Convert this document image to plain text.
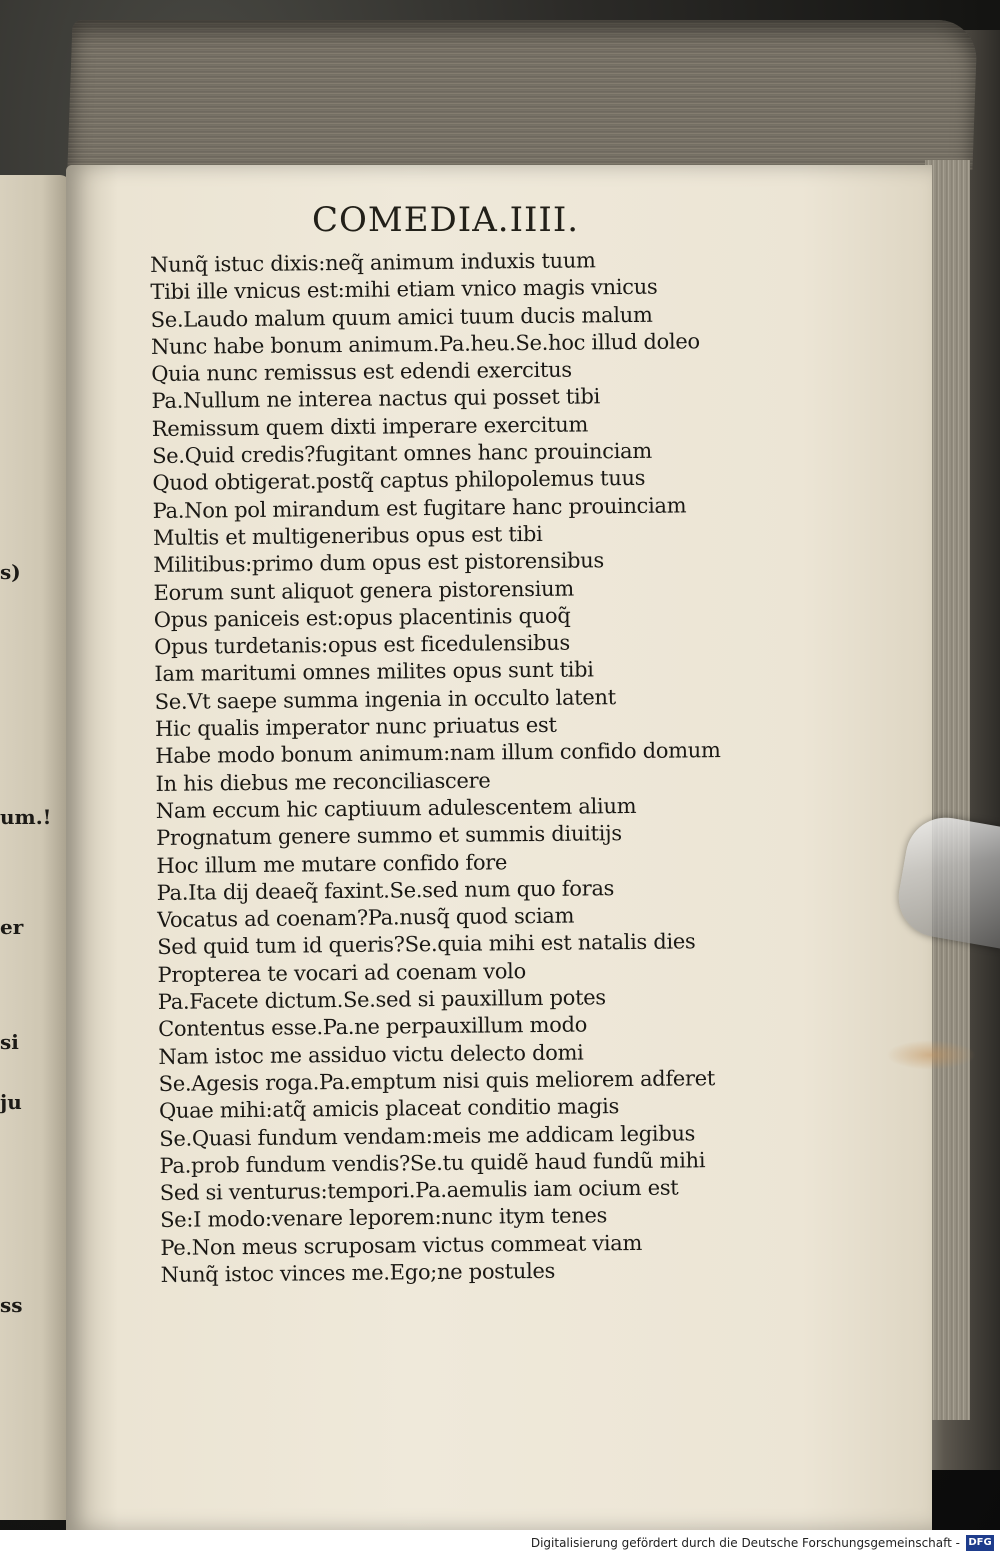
s)
um.!
er
si
ju
ss
COMEDIA.IIII.
Nunq̃ istuc dixis:neq̃ animum induxis tuum
Tibi ille vnicus est:mihi etiam vnico magis vnicus
Se.Laudo malum quum amici tuum ducis malum
Nunc habe bonum animum.Pa.heu.Se.hoc illud doleo
Quia nunc remissus est edendi exercitus
Pa.Nullum ne interea nactus qui posset tibi
Remissum quem dixti imperare exercitum
Se.Quid credis?fugitant omnes hanc prouinciam
Quod obtigerat.postq̃ captus philopolemus tuus
Pa.Non pol mirandum est fugitare hanc prouinciam
Multis et multigeneribus opus est tibi
Militibus:primo dum opus est pistorensibus
Eorum sunt aliquot genera pistorensium
Opus paniceis est:opus placentinis quoq̃
Opus turdetanis:opus est ficedulensibus
Iam maritumi omnes milites opus sunt tibi
Se.Vt saepe summa ingenia in occulto latent
Hic qualis imperator nunc priuatus est
Habe modo bonum animum:nam illum confido domum
In his diebus me reconciliascere
Nam eccum hic captiuum adulescentem alium
Prognatum genere summo et summis diuitijs
Hoc illum me mutare confido fore
Pa.Ita dij deaeq̃ faxint.Se.sed num quo foras
Vocatus ad coenam?Pa.nusq̃ quod sciam
Sed quid tum id queris?Se.quia mihi est natalis dies
Propterea te vocari ad coenam volo
Pa.Facete dictum.Se.sed si pauxillum potes
Contentus esse.Pa.ne perpauxillum modo
Nam istoc me assiduo victu delecto domi
Se.Agesis roga.Pa.emptum nisi quis meliorem adferet
Quae mihi:atq̃ amicis placeat conditio magis
Se.Quasi fundum vendam:meis me addicam legibus
Pa.prob fundum vendis?Se.tu quidẽ haud fundũ mihi
Sed si venturus:tempori.Pa.aemulis iam ocium est
Se:I modo:venare leporem:nunc itym tenes
Pe.Non meus scruposam victus commeat viam
Nunq̃ istoc vinces me.Ego;ne postules
Digitalisierung gefördert durch die Deutsche Forschungsgemeinschaft - DFG
